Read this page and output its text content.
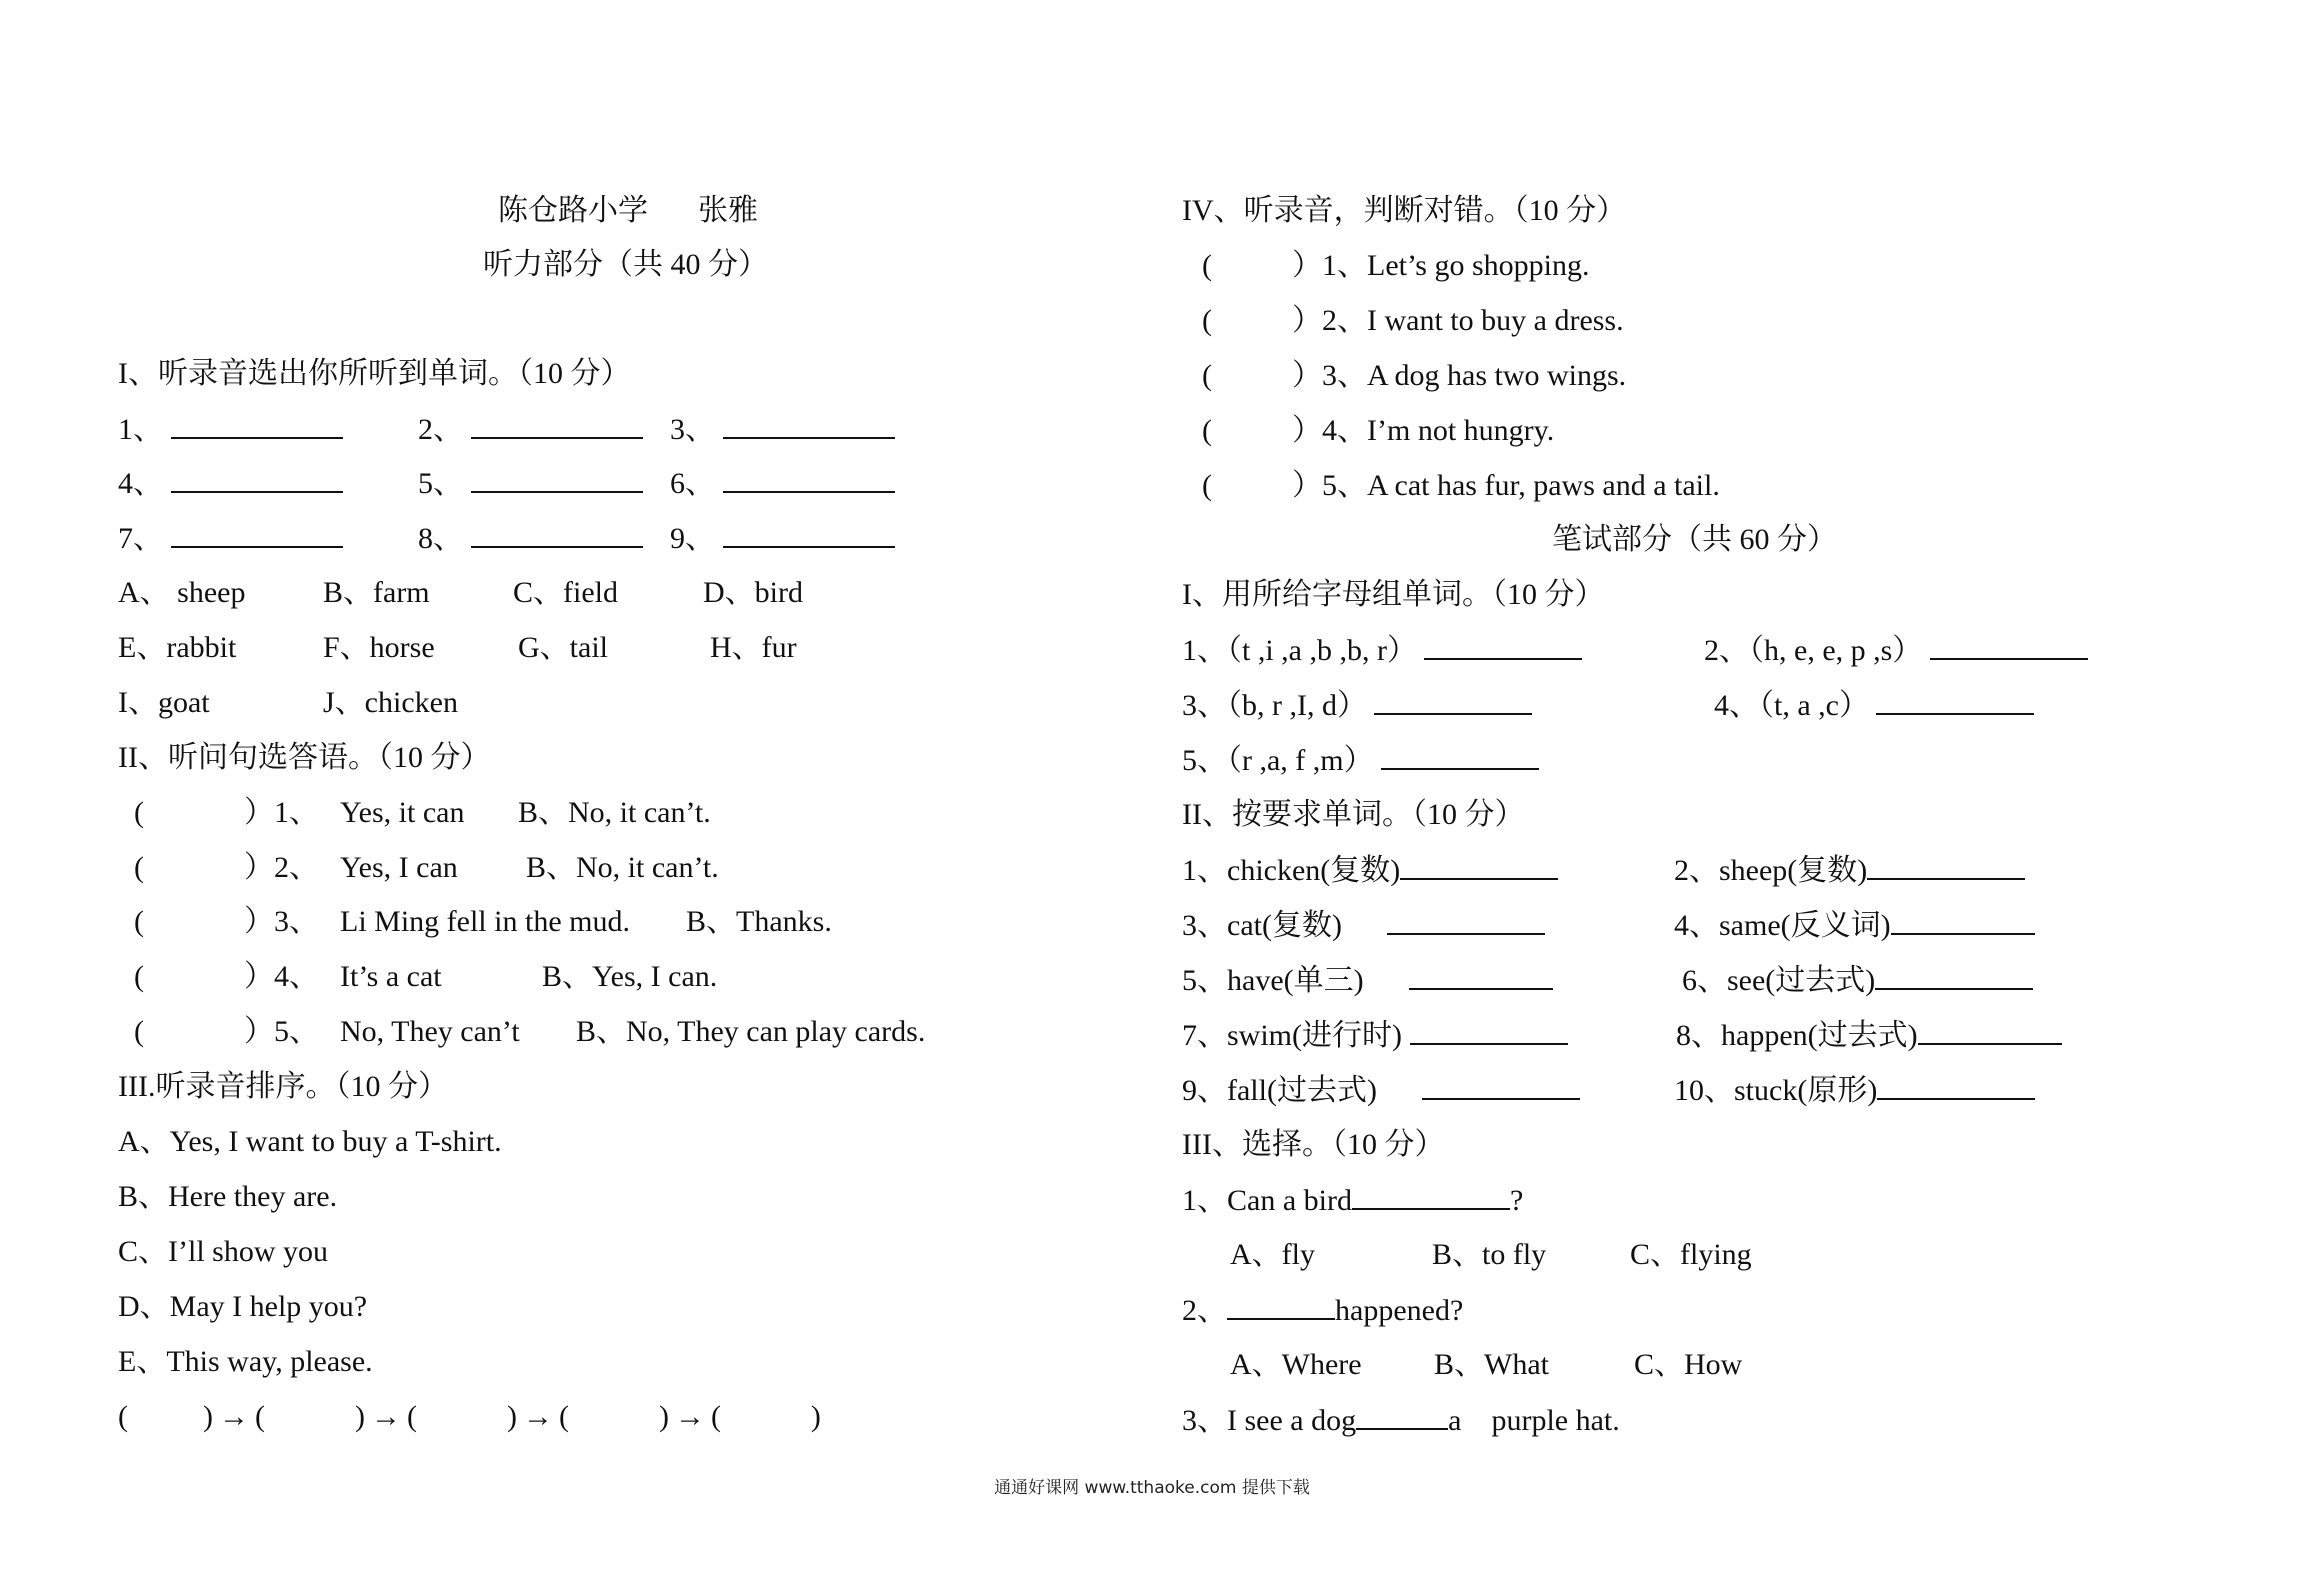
陈仓路小学 张雅
听力部分（共 40 分）
I、听录音选出你所听到单词。（10 分）
1、	2、	3、
4、	5、	6、
7、	8、	9、
A、 sheep	B、farm	C、field	D、bird
E、rabbit	F、horse	G、tail	H、fur
I、goat	J、chicken
II、听问句选答语。（10 分）
(	）1、 Yes, it can B、No, it can’t.
(	）2、 Yes, I can B、No, it can’t.
(	）3、 Li Ming fell in the mud. B、Thanks.
(	）4、 It’s a cat	B、Yes, I can.
(	）5、 No, They can’t B、No, They can play cards.
III.听录音排序。（10 分）
A、Yes, I want to buy a T-shirt.
B、Here they are.
C、I’ll show you
D、May I help you?
E、This way, please.
(          ) → (            ) → (            ) → (            ) → (            )
IV、听录音，判断对错。（10 分）
(	）1、Let’s go shopping.
(	）2、I want to buy a dress.
(	）3、A dog has two wings.
(	）4、I’m not hungry.
(	）5、A cat has fur, paws and a tail.
笔试部分（共 60 分）
I、用所给字母组单词。（10 分）
1、（t ,i ,a ,b ,b, r）	2、（h, e, e, p ,s）
3、（b, r ,I, d）	4、（t, a ,c）
5、（r ,a, f ,m）
II、按要求单词。（10 分）
1、chicken(复数)	2、sheep(复数)
3、cat(复数)	4、same(反义词)
5、have(单三)	6、see(过去式)
7、swim(进行时)	8、happen(过去式)
9、fall(过去式)	10、stuck(原形)
III、选择。（10 分）
1、Can a bird	?
A、fly	B、to fly	C、flying
2、	happened?
A、Where B、What	C、How
3、I see a dog	a purple hat.
通通好课网 www.tthaoke.com 提供下载
